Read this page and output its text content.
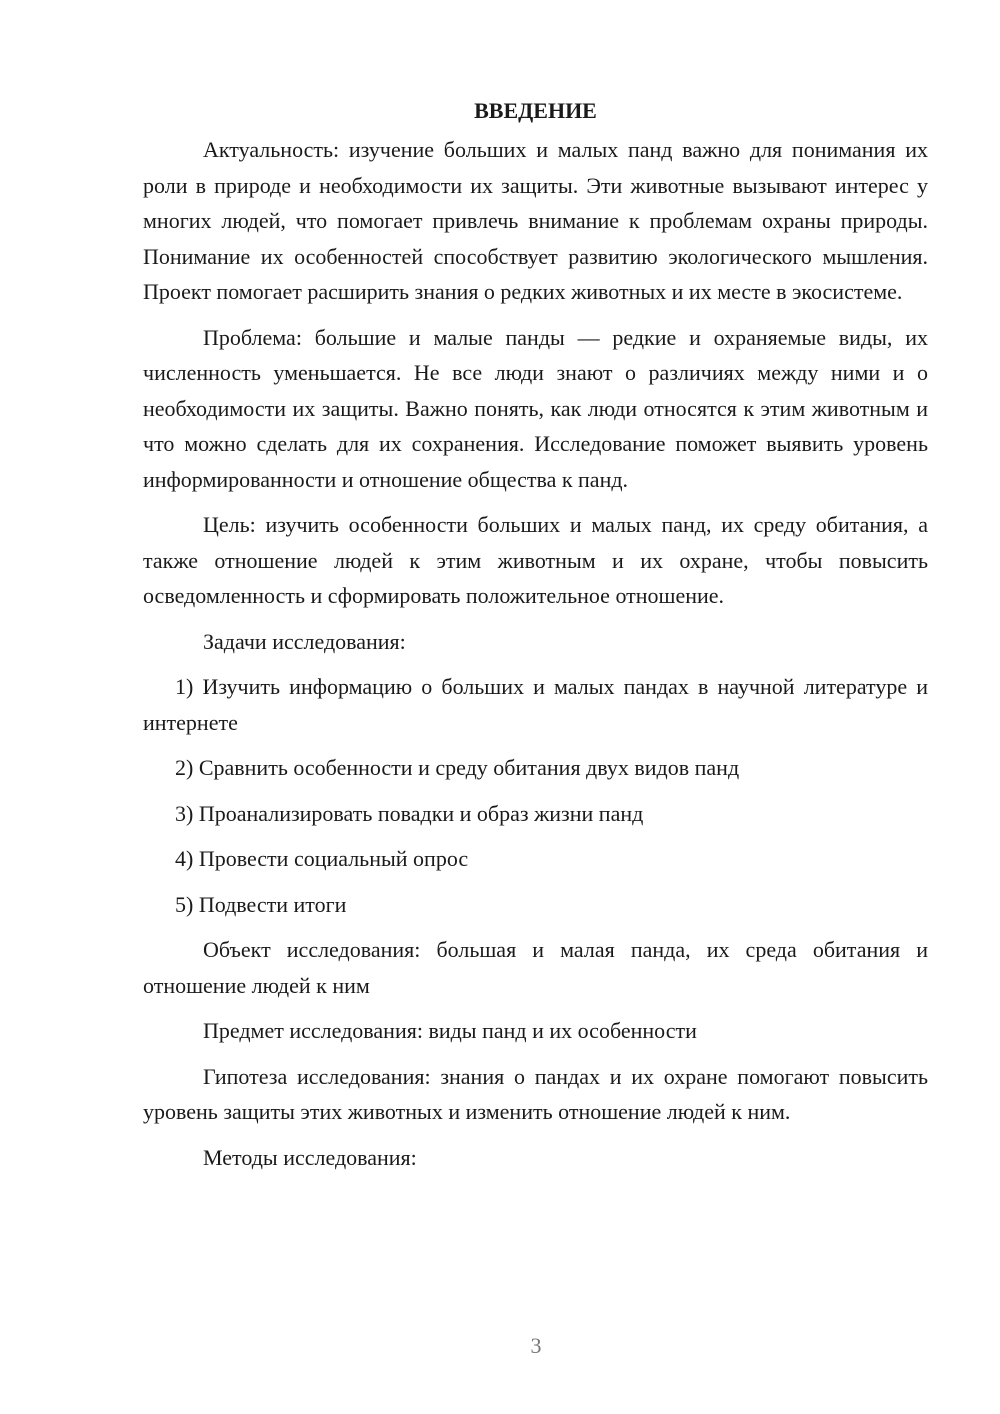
ВВЕДЕНИЕ

Актуальность: изучение больших и малых панд важно для понимания их роли в природе и необходимости их защиты. Эти животные вызывают интерес у многих людей, что помогает привлечь внимание к проблемам охраны природы. Понимание их особенностей способствует развитию экологического мышления. Проект помогает расширить знания о редких животных и их месте в экосистеме.

Проблема: большие и малые панды — редкие и охраняемые виды, их численность уменьшается. Не все люди знают о различиях между ними и о необходимости их защиты. Важно понять, как люди относятся к этим животным и что можно сделать для их сохранения. Исследование поможет выявить уровень информированности и отношение общества к панд.

Цель: изучить особенности больших и малых панд, их среду обитания, а также отношение людей к этим животным и их охране, чтобы повысить осведомленность и сформировать положительное отношение.

Задачи исследования:

1) Изучить информацию о больших и малых пандах в научной литературе и интернете

2) Сравнить особенности и среду обитания двух видов панд

3) Проанализировать повадки и образ жизни панд

4) Провести социальный опрос

5) Подвести итоги

Объект исследования: большая и малая панда, их среда обитания и отношение людей к ним

Предмет исследования: виды панд и их особенности

Гипотеза исследования: знания о пандах и их охране помогают повысить уровень защиты этих животных и изменить отношение людей к ним.

Методы исследования:

3
